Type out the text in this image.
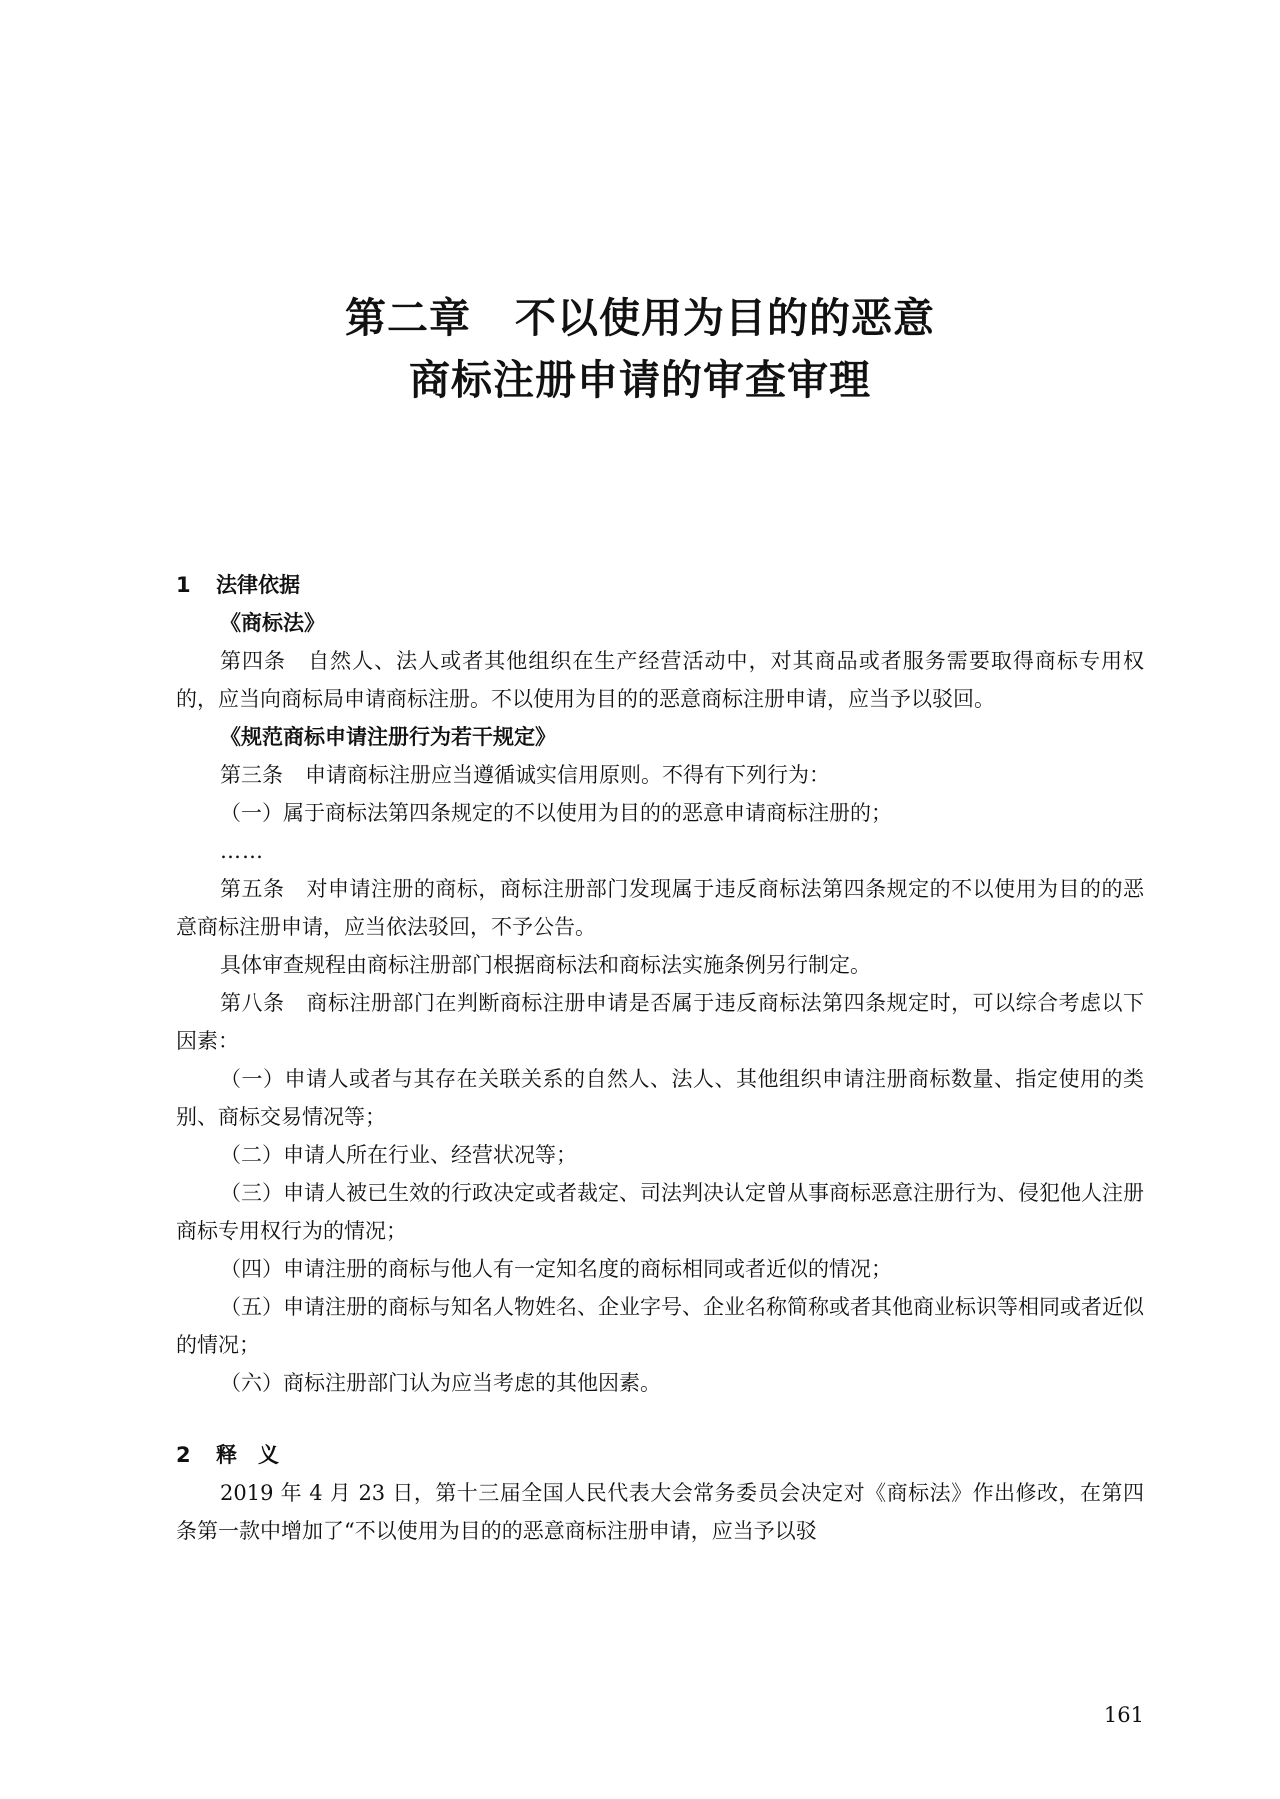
第二章 不以使用为目的的恶意
商标注册申请的审查审理

1 法律依据

《商标法》

第四条 自然人、法人或者其他组织在生产经营活动中，对其商品或者服务需要取得商标专用权的，应当向商标局申请商标注册。不以使用为目的的恶意商标注册申请，应当予以驳回。

《规范商标申请注册行为若干规定》

第三条 申请商标注册应当遵循诚实信用原则。不得有下列行为：

（一）属于商标法第四条规定的不以使用为目的的恶意申请商标注册的；

……

第五条 对申请注册的商标，商标注册部门发现属于违反商标法第四条规定的不以使用为目的的恶意商标注册申请，应当依法驳回，不予公告。

具体审查规程由商标注册部门根据商标法和商标法实施条例另行制定。

第八条 商标注册部门在判断商标注册申请是否属于违反商标法第四条规定时，可以综合考虑以下因素：

（一）申请人或者与其存在关联关系的自然人、法人、其他组织申请注册商标数量、指定使用的类别、商标交易情况等；

（二）申请人所在行业、经营状况等；

（三）申请人被已生效的行政决定或者裁定、司法判决认定曾从事商标恶意注册行为、侵犯他人注册商标专用权行为的情况；

（四）申请注册的商标与他人有一定知名度的商标相同或者近似的情况；

（五）申请注册的商标与知名人物姓名、企业字号、企业名称简称或者其他商业标识等相同或者近似的情况；

（六）商标注册部门认为应当考虑的其他因素。

2 释　义

2019 年 4 月 23 日，第十三届全国人民代表大会常务委员会决定对《商标法》作出修改，在第四条第一款中增加了“不以使用为目的的恶意商标注册申请，应当予以驳

161
